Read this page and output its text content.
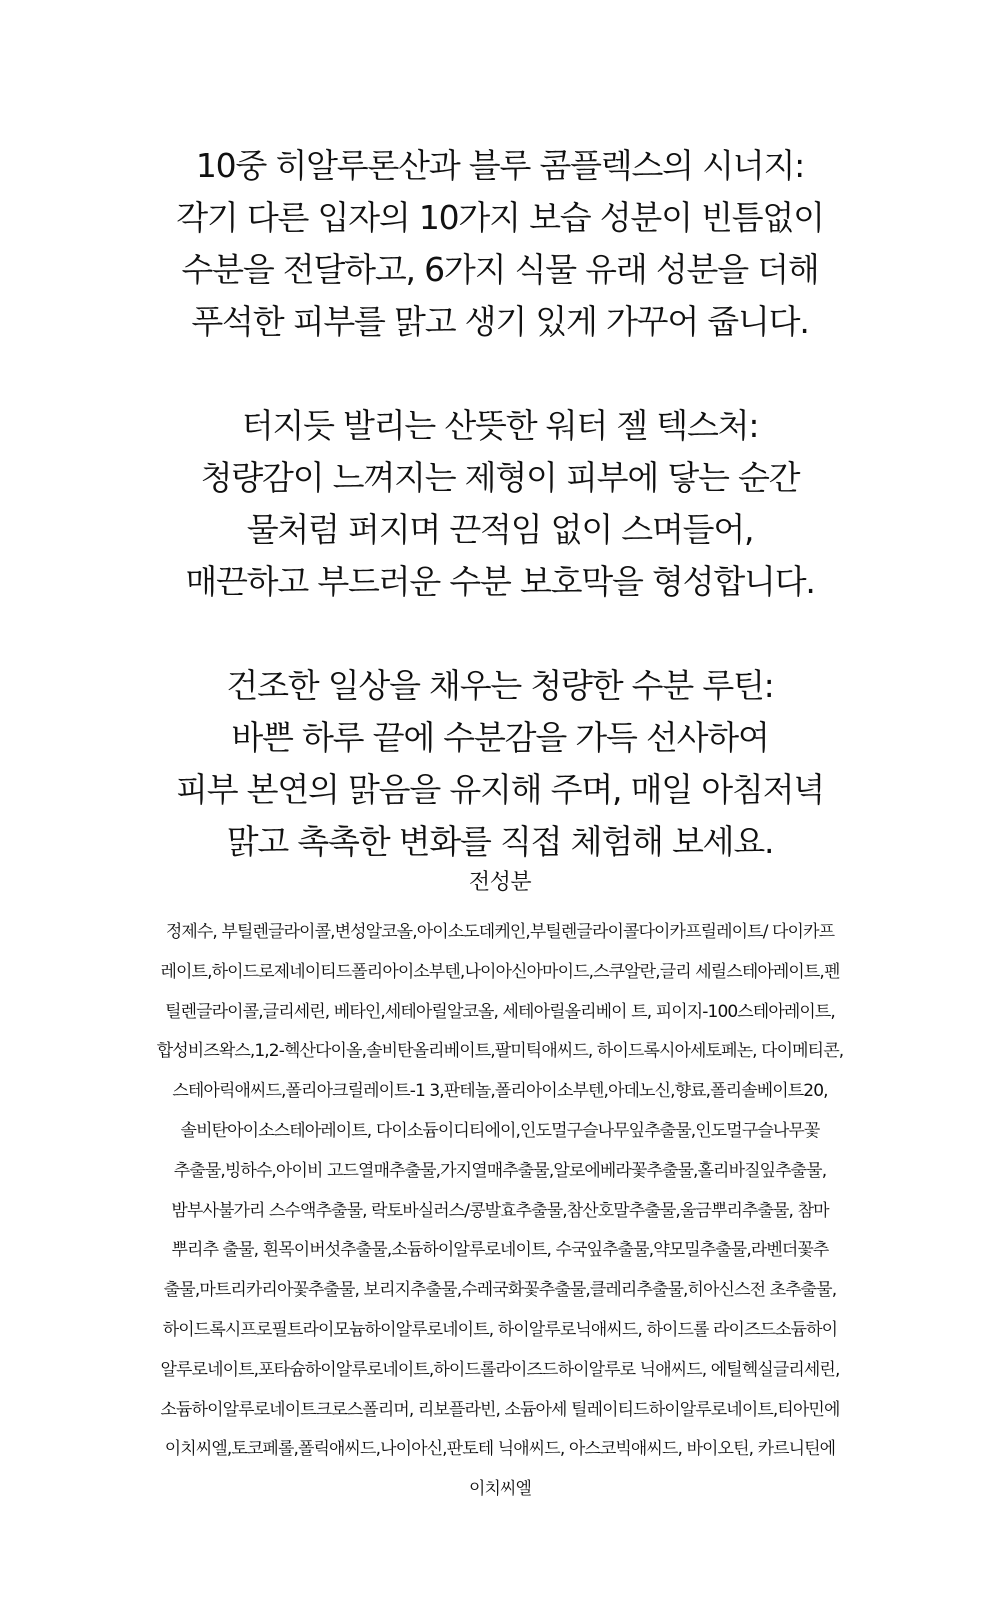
10중 히알루론산과 블루 콤플렉스의 시너지:
각기 다른 입자의 10가지 보습 성분이 빈틈없이
수분을 전달하고, 6가지 식물 유래 성분을 더해
푸석한 피부를 맑고 생기 있게 가꾸어 줍니다.
터지듯 발리는 산뜻한 워터 젤 텍스처:
청량감이 느껴지는 제형이 피부에 닿는 순간
물처럼 퍼지며 끈적임 없이 스며들어,
매끈하고 부드러운 수분 보호막을 형성합니다.
건조한 일상을 채우는 청량한 수분 루틴:
바쁜 하루 끝에 수분감을 가득 선사하여
피부 본연의 맑음을 유지해 주며, 매일 아침저녁
맑고 촉촉한 변화를 직접 체험해 보세요.
전성분
정제수, 부틸렌글라이콜,변성알코올,아이소도데케인,부틸렌글라이콜다이카프릴레이트/ 다이카프
레이트,하이드로제네이티드폴리아이소부텐,나이아신아마이드,스쿠알란,글리 세릴스테아레이트,펜
틸렌글라이콜,글리세린, 베타인,세테아릴알코올, 세테아릴올리베이 트, 피이지-100스테아레이트,
합성비즈왁스,1,2-헥산다이올,솔비탄올리베이트,팔미틱애씨드, 하이드록시아세토페논, 다이메티콘,
스테아릭애씨드,폴리아크릴레이트-1 3,판테놀,폴리아이소부텐,아데노신,향료,폴리솔베이트20,
솔비탄아이소스테아레이트, 다이소듐이디티에이,인도멀구슬나무잎추출물,인도멀구슬나무꽃
추출물,빙하수,아이비 고드열매추출물,가지열매추출물,알로에베라꽃추출물,홀리바질잎추출물,
밤부사불가리 스수액추출물, 락토바실러스/콩발효추출물,참산호말추출물,울금뿌리추출물, 참마
뿌리추 출물, 흰목이버섯추출물,소듐하이알루로네이트, 수국잎추출물,약모밀추출물,라벤더꽃추
출물,마트리카리아꽃추출물, 보리지추출물,수레국화꽃추출물,클레리추출물,히아신스전 초추출물,
하이드록시프로필트라이모늄하이알루로네이트, 하이알루로닉애씨드, 하이드롤 라이즈드소듐하이
알루로네이트,포타슘하이알루로네이트,하이드롤라이즈드하이알루로 닉애씨드, 에틸헥실글리세린,
소듐하이알루로네이트크로스폴리머, 리보플라빈, 소듐아세 틸레이티드하이알루로네이트,티아민에
이치씨엘,토코페롤,폴릭애씨드,나이아신,판토테 닉애씨드, 아스코빅애씨드, 바이오틴, 카르니틴에
이치씨엘
